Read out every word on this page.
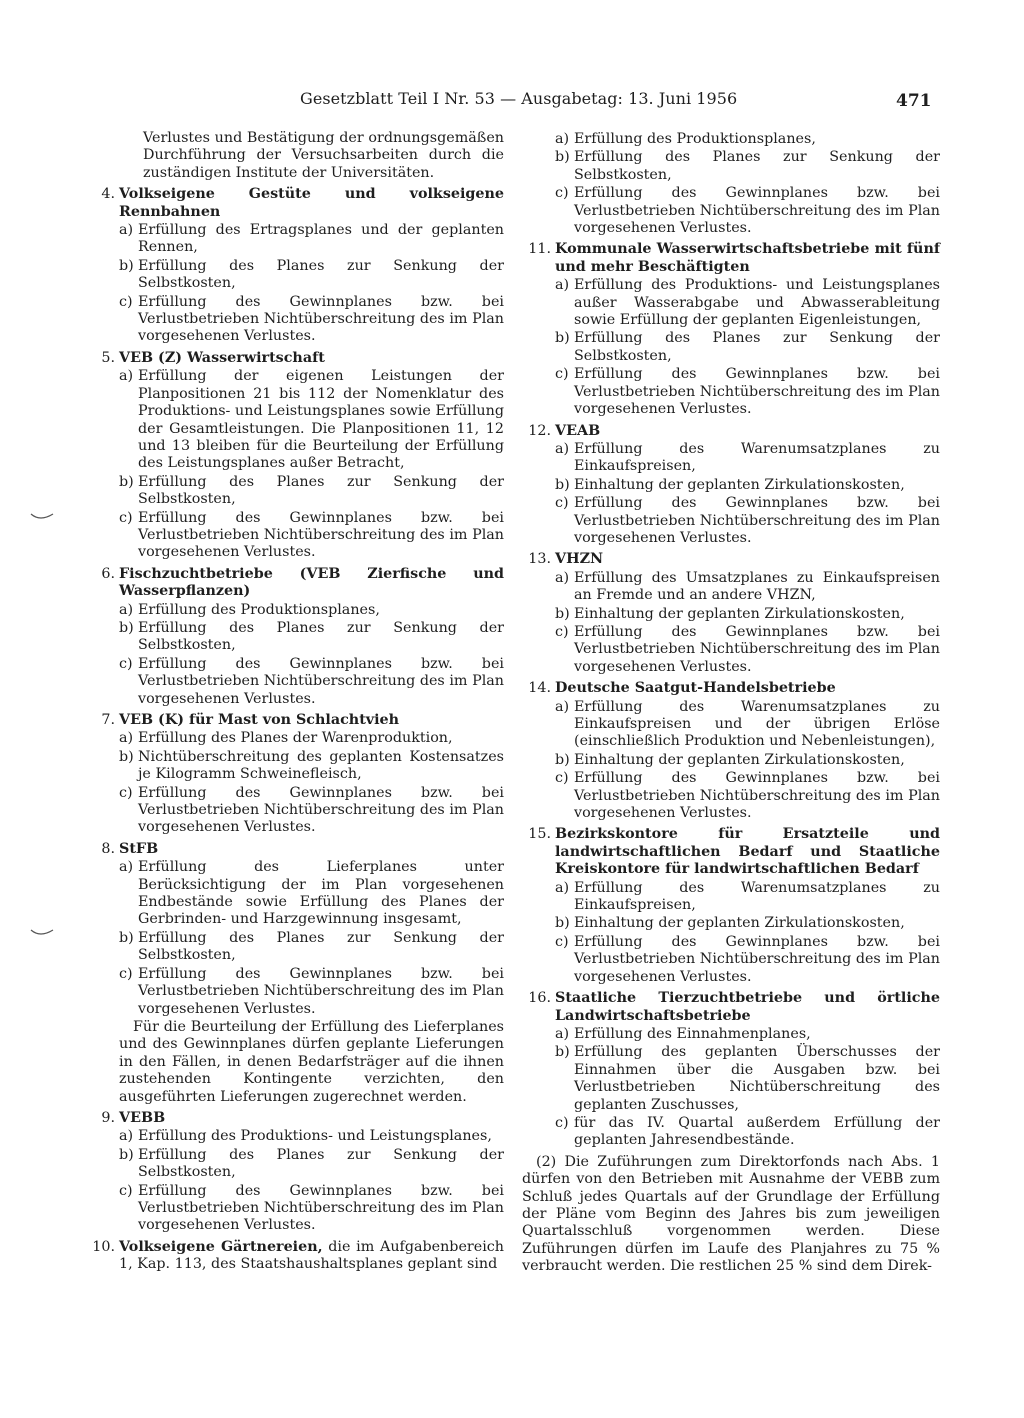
Gesetzblatt Teil I Nr. 53 — Ausgabetag: 13. Juni 1956	471
Verlustes und Bestätigung der ordnungsgemäßen Durchführung der Versuchsarbeiten durch die zuständigen Institute der Universitäten.
4. Volkseigene Gestüte und volkseigene Rennbahnen
a) Erfüllung des Ertragsplanes und der geplanten Rennen,
b) Erfüllung des Planes zur Senkung der Selbstkosten,
c) Erfüllung des Gewinnplanes bzw. bei Verlustbetrieben Nichtüberschreitung des im Plan vorgesehenen Verlustes.
5. VEB (Z) Wasserwirtschaft
a) Erfüllung der eigenen Leistungen der Planpositionen 21 bis 112 der Nomenklatur des Produktions- und Leistungsplanes sowie Erfüllung der Gesamtleistungen. Die Planpositionen 11, 12 und 13 bleiben für die Beurteilung der Erfüllung des Leistungsplanes außer Betracht,
b) Erfüllung des Planes zur Senkung der Selbstkosten,
c) Erfüllung des Gewinnplanes bzw. bei Verlustbetrieben Nichtüberschreitung des im Plan vorgesehenen Verlustes.
6. Fischzuchtbetriebe (VEB Zierfische und Wasserpflanzen)
a) Erfüllung des Produktionsplanes,
b) Erfüllung des Planes zur Senkung der Selbstkosten,
c) Erfüllung des Gewinnplanes bzw. bei Verlustbetrieben Nichtüberschreitung des im Plan vorgesehenen Verlustes.
7. VEB (K) für Mast von Schlachtvieh
a) Erfüllung des Planes der Warenproduktion,
b) Nichtüberschreitung des geplanten Kostensatzes je Kilogramm Schweinefleisch,
c) Erfüllung des Gewinnplanes bzw. bei Verlustbetrieben Nichtüberschreitung des im Plan vorgesehenen Verlustes.
8. StFB
a) Erfüllung des Lieferplanes unter Berücksichtigung der im Plan vorgesehenen Endbestände sowie Erfüllung des Planes der Gerbrinden- und Harzgewinnung insgesamt,
b) Erfüllung des Planes zur Senkung der Selbstkosten,
c) Erfüllung des Gewinnplanes bzw. bei Verlustbetrieben Nichtüberschreitung des im Plan vorgesehenen Verlustes.
Für die Beurteilung der Erfüllung des Lieferplanes und des Gewinnplanes dürfen geplante Lieferungen in den Fällen, in denen Bedarfsträger auf die ihnen zustehenden Kontingente verzichten, den ausgeführten Lieferungen zugerechnet werden.
9. VEBB
a) Erfüllung des Produktions- und Leistungsplanes,
b) Erfüllung des Planes zur Senkung der Selbstkosten,
c) Erfüllung des Gewinnplanes bzw. bei Verlustbetrieben Nichtüberschreitung des im Plan vorgesehenen Verlustes.
10. Volkseigene Gärtnereien, die im Aufgabenbereich 1, Kap. 113, des Staatshaushaltsplanes geplant sind
a) Erfüllung des Produktionsplanes,
b) Erfüllung des Planes zur Senkung der Selbstkosten,
c) Erfüllung des Gewinnplanes bzw. bei Verlustbetrieben Nichtüberschreitung des im Plan vorgesehenen Verlustes.
11. Kommunale Wasserwirtschaftsbetriebe mit fünf und mehr Beschäftigten
a) Erfüllung des Produktions- und Leistungsplanes außer Wasserabgabe und Abwasserableitung sowie Erfüllung der geplanten Eigenleistungen,
b) Erfüllung des Planes zur Senkung der Selbstkosten,
c) Erfüllung des Gewinnplanes bzw. bei Verlustbetrieben Nichtüberschreitung des im Plan vorgesehenen Verlustes.
12. VEAB
a) Erfüllung des Warenumsatzplanes zu Einkaufspreisen,
b) Einhaltung der geplanten Zirkulationskosten,
c) Erfüllung des Gewinnplanes bzw. bei Verlustbetrieben Nichtüberschreitung des im Plan vorgesehenen Verlustes.
13. VHZN
a) Erfüllung des Umsatzplanes zu Einkaufspreisen an Fremde und an andere VHZN,
b) Einhaltung der geplanten Zirkulationskosten,
c) Erfüllung des Gewinnplanes bzw. bei Verlustbetrieben Nichtüberschreitung des im Plan vorgesehenen Verlustes.
14. Deutsche Saatgut-Handelsbetriebe
a) Erfüllung des Warenumsatzplanes zu Einkaufspreisen und der übrigen Erlöse (einschließlich Produktion und Nebenleistungen),
b) Einhaltung der geplanten Zirkulationskosten,
c) Erfüllung des Gewinnplanes bzw. bei Verlustbetrieben Nichtüberschreitung des im Plan vorgesehenen Verlustes.
15. Bezirkskontore für Ersatzteile und landwirtschaftlichen Bedarf und Staatliche Kreiskontore für landwirtschaftlichen Bedarf
a) Erfüllung des Warenumsatzplanes zu Einkaufspreisen,
b) Einhaltung der geplanten Zirkulationskosten,
c) Erfüllung des Gewinnplanes bzw. bei Verlustbetrieben Nichtüberschreitung des im Plan vorgesehenen Verlustes.
16. Staatliche Tierzuchtbetriebe und örtliche Landwirtschaftsbetriebe
a) Erfüllung des Einnahmenplanes,
b) Erfüllung des geplanten Überschusses der Einnahmen über die Ausgaben bzw. bei Verlustbetrieben Nichtüberschreitung des geplanten Zuschusses,
c) für das IV. Quartal außerdem Erfüllung der geplanten Jahresendbestände.
(2) Die Zuführungen zum Direktorfonds nach Abs. 1 dürfen von den Betrieben mit Ausnahme der VEBB zum Schluß jedes Quartals auf der Grundlage der Erfüllung der Pläne vom Beginn des Jahres bis zum jeweiligen Quartalsschluß vorgenommen werden. Diese Zuführungen dürfen im Laufe des Planjahres zu 75 % verbraucht werden. Die restlichen 25 % sind dem Direk-
